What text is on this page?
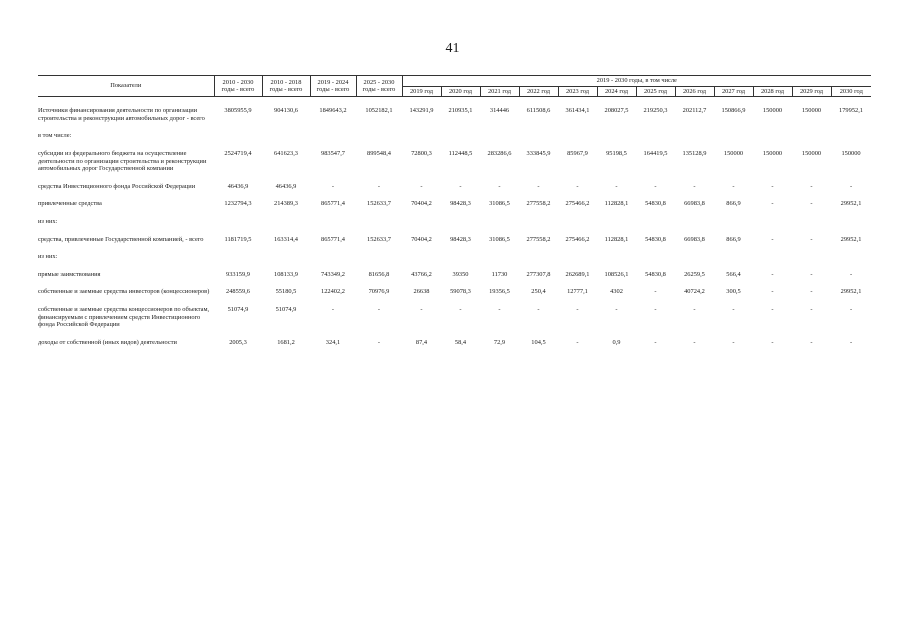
41
Показатели	2010 - 2030 годы - всего	2010 - 2018 годы - всего	2019 - 2024 годы - всего	2025 - 2030 годы - всего	2019 - 2030 годы, в том числе											
					2019 год	2020 год	2021 год	2022 год	2023 год	2024 год	2025 год	2026 год	2027 год	2028 год	2029 год	2030 год

Источники финансирования деятельности по организации строительства и реконструкции автомобильных дорог - всего	3805955,9	904130,6	1849643,2	1052182,1	143291,9	210935,1	314446	611508,6	361434,1	208027,5	219250,3	202112,7	150866,9	150000	150000	179952,1

в том числе:																

субсидии из федерального бюджета на осуществление деятельности по организации строительства и реконструкции автомобильных дорог Государственной компании	2524719,4	641623,3	983547,7	899548,4	72800,3	112448,5	283286,6	333845,9	85967,9	95198,5	164419,5	135128,9	150000	150000	150000	150000

средства Инвестиционного фонда Российской Федерации	46436,9	46436,9	-	-	-	-	-	-	-	-	-	-	-	-	-	-

привлеченные средства	1232794,3	214389,3	865771,4	152633,7	70404,2	98428,3	31086,5	277558,2	275466,2	112828,1	54830,8	66983,8	866,9	-	-	29952,1

из них:																

средства, привлеченные Государственной компанией, - всего	1181719,5	163314,4	865771,4	152633,7	70404,2	98428,3	31086,5	277558,2	275466,2	112828,1	54830,8	66983,8	866,9	-	-	29952,1

из них:																

прямые заимствования	933159,9	108133,9	743349,2	81656,8	43766,2	39350	11730	277307,8	262689,1	108526,1	54830,8	26259,5	566,4	-	-	-

собственные и заемные средства инвесторов (концессионеров)	248559,6	55180,5	122402,2	70976,9	26638	59078,3	19356,5	250,4	12777,1	4302	-	40724,2	300,5	-	-	29952,1

собственные и заемные средства концессионеров по объектам, финансируемым с привлечением средств Инвестиционного фонда Российской Федерации	51074,9	51074,9	-	-	-	-	-	-	-	-	-	-	-	-	-	-

доходы от собственной (иных видов) деятельности	2005,3	1681,2	324,1	-	87,4	58,4	72,9	104,5	-	0,9	-	-	-	-	-	-
